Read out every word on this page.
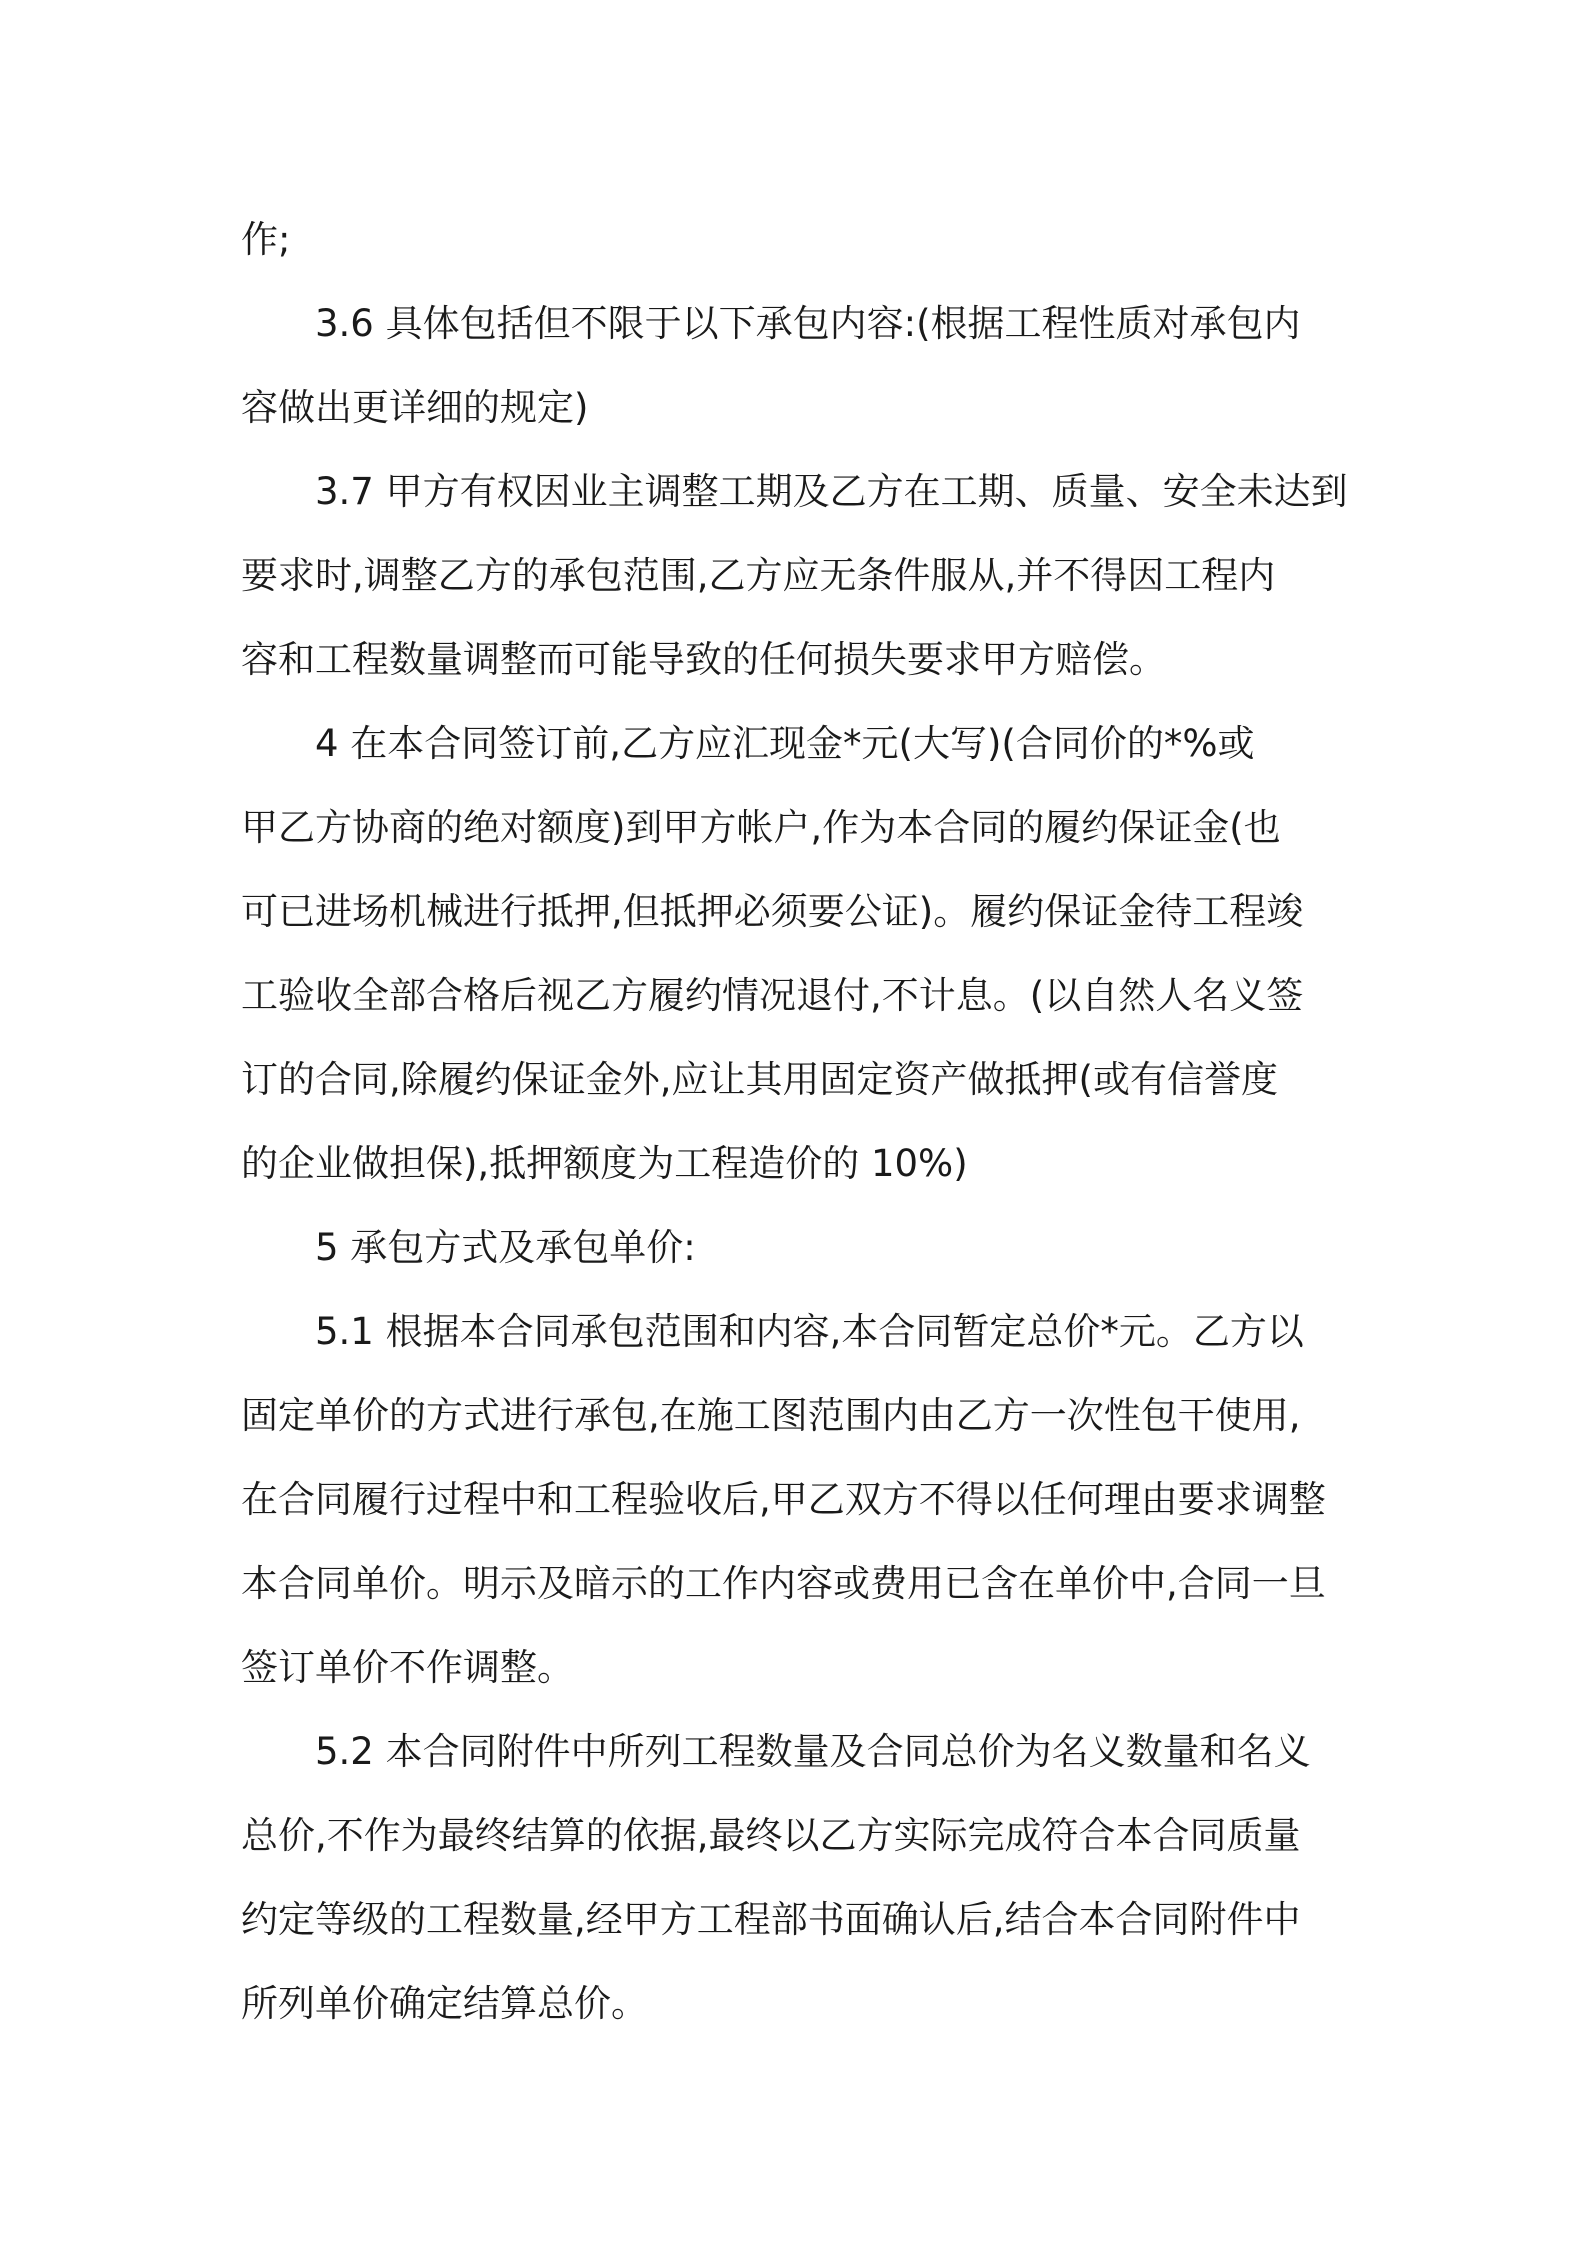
作;
3.6 具体包括但不限于以下承包内容:(根据工程性质对承包内
容做出更详细的规定)
3.7 甲方有权因业主调整工期及乙方在工期、质量、安全未达到
要求时,调整乙方的承包范围,乙方应无条件服从,并不得因工程内
容和工程数量调整而可能导致的任何损失要求甲方赔偿。
4 在本合同签订前,乙方应汇现金*元(大写)(合同价的*%或
甲乙方协商的绝对额度)到甲方帐户,作为本合同的履约保证金(也
可已进场机械进行抵押,但抵押必须要公证)。履约保证金待工程竣
工验收全部合格后视乙方履约情况退付,不计息。(以自然人名义签
订的合同,除履约保证金外,应让其用固定资产做抵押(或有信誉度
的企业做担保),抵押额度为工程造价的 10%)
5 承包方式及承包单价:
5.1 根据本合同承包范围和内容,本合同暂定总价*元。乙方以
固定单价的方式进行承包,在施工图范围内由乙方一次性包干使用,
在合同履行过程中和工程验收后,甲乙双方不得以任何理由要求调整
本合同单价。明示及暗示的工作内容或费用已含在单价中,合同一旦
签订单价不作调整。
5.2 本合同附件中所列工程数量及合同总价为名义数量和名义
总价,不作为最终结算的依据,最终以乙方实际完成符合本合同质量
约定等级的工程数量,经甲方工程部书面确认后,结合本合同附件中
所列单价确定结算总价。
